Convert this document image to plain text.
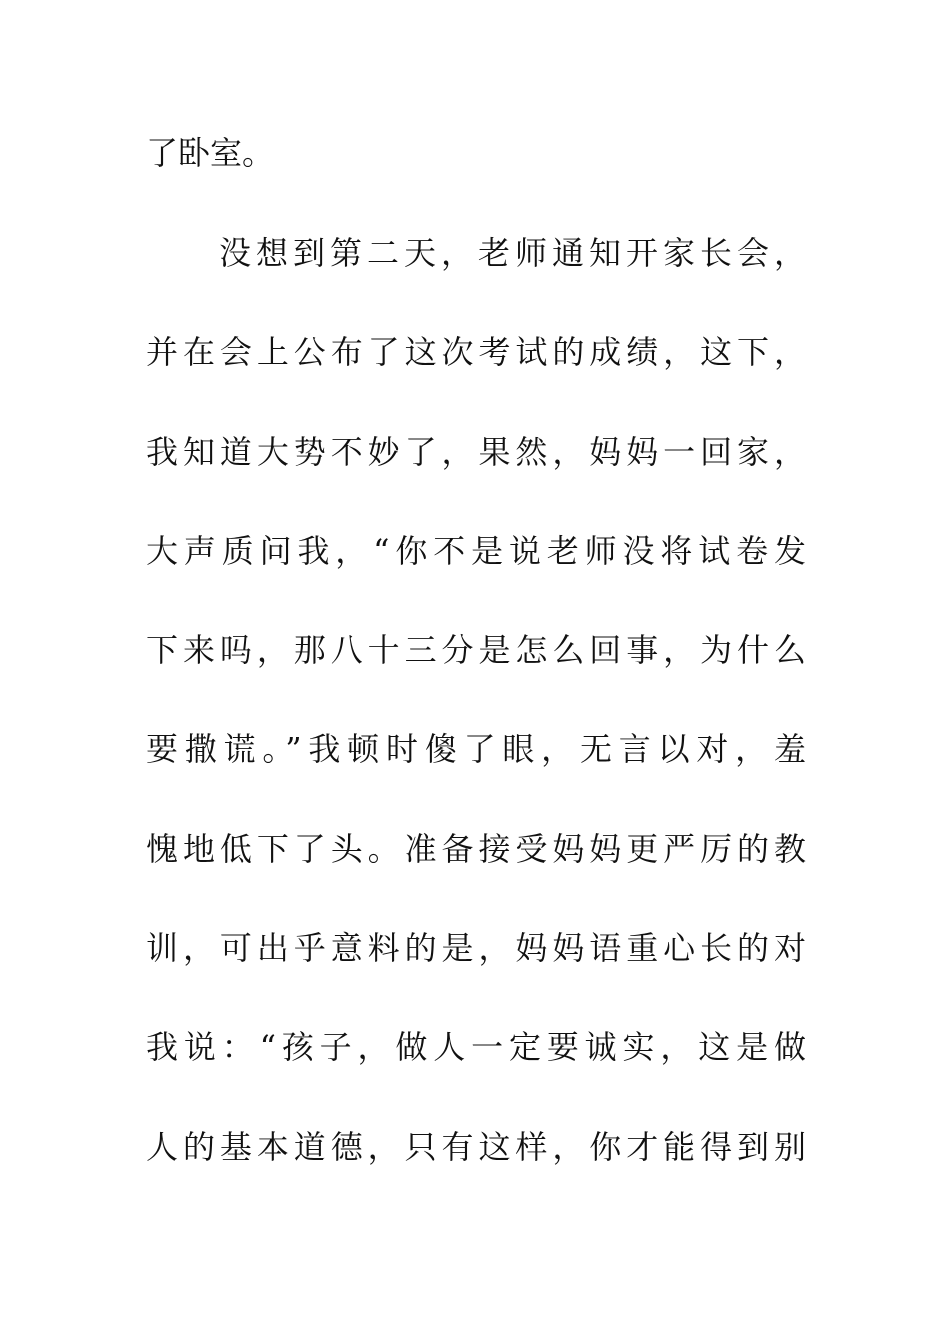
了卧室。
没想到第二天，老师通知开家长会，
并在会上公布了这次考试的成绩，这下，
我知道大势不妙了，果然，妈妈一回家，
大声质问我，“你不是说老师没将试卷发
下来吗，那八十三分是怎么回事，为什么
要撒谎。”我顿时傻了眼，无言以对，羞
愧地低下了头。准备接受妈妈更严厉的教
训，可出乎意料的是，妈妈语重心长的对
我说：“孩子，做人一定要诚实，这是做
人的基本道德，只有这样，你才能得到别
